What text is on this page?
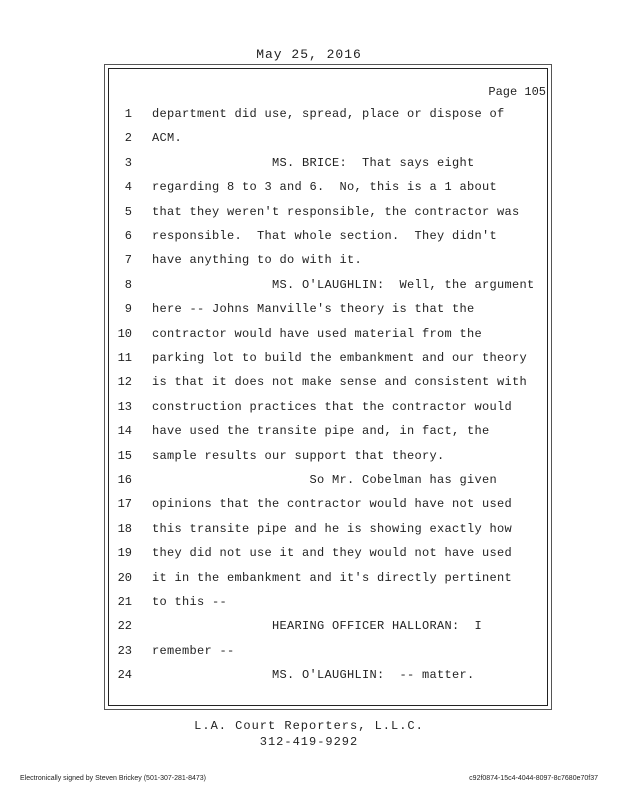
May 25, 2016
Page 105
1 department did use, spread, place or dispose of
2 ACM.
3 MS. BRICE:  That says eight
4 regarding 8 to 3 and 6.  No, this is a 1 about
5 that they weren't responsible, the contractor was
6 responsible.  That whole section.  They didn't
7 have anything to do with it.
8 MS. O'LAUGHLIN:  Well, the argument
9 here -- Johns Manville's theory is that the
10 contractor would have used material from the
11 parking lot to build the embankment and our theory
12 is that it does not make sense and consistent with
13 construction practices that the contractor would
14 have used the transite pipe and, in fact, the
15 sample results our support that theory.
16 So Mr. Cobelman has given
17 opinions that the contractor would have not used
18 this transite pipe and he is showing exactly how
19 they did not use it and they would not have used
20 it in the embankment and it's directly pertinent
21 to this --
22 HEARING OFFICER HALLORAN:  I
23 remember --
24 MS. O'LAUGHLIN:  -- matter.
L.A. Court Reporters, L.L.C.
312-419-9292
Electronically signed by Steven Brickey (501-307-281-8473)	c92f0874-15c4-4044-8097-8c7680e70f37
